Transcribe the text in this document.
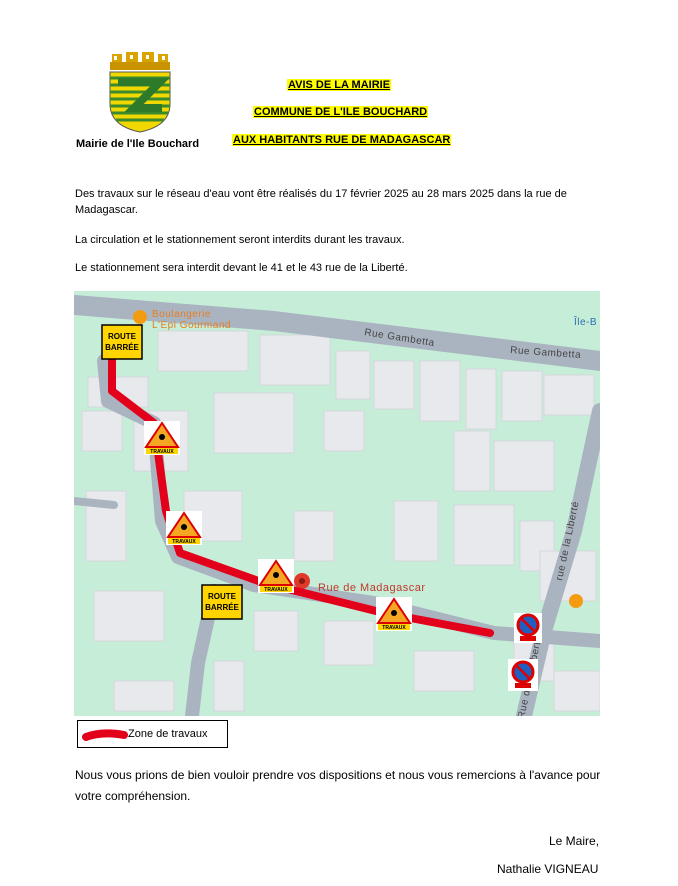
Mairie de l'Ile Bouchard
AVIS DE LA MAIRIE
COMMUNE DE L'ILE BOUCHARD
AUX HABITANTS RUE DE MADAGASCAR
Des travaux sur le réseau d'eau vont être réalisés du 17 février 2025 au 28 mars 2025 dans la rue de Madagascar.
La circulation et le stationnement seront interdits durant les travaux.
Le stationnement sera interdit devant le 41 et le 43 rue de la Liberté.
Rue Gambetta
Rue Gambetta
rue de la Liberté
Rue Liberté
Rue de Madagascar
Boulangerie
L'Epi Gourmand	Île-B
ROUTE
BARRÉE
ROUTE
BARRÉE
TRAVAUX
TRAVAUX
TRAVAUX
TRAVAUX
Zone de travaux
Nous vous prions de bien vouloir prendre vos dispositions et nous vous remercions à l'avance pour votre compréhension.
Le Maire,
Nathalie VIGNEAU
